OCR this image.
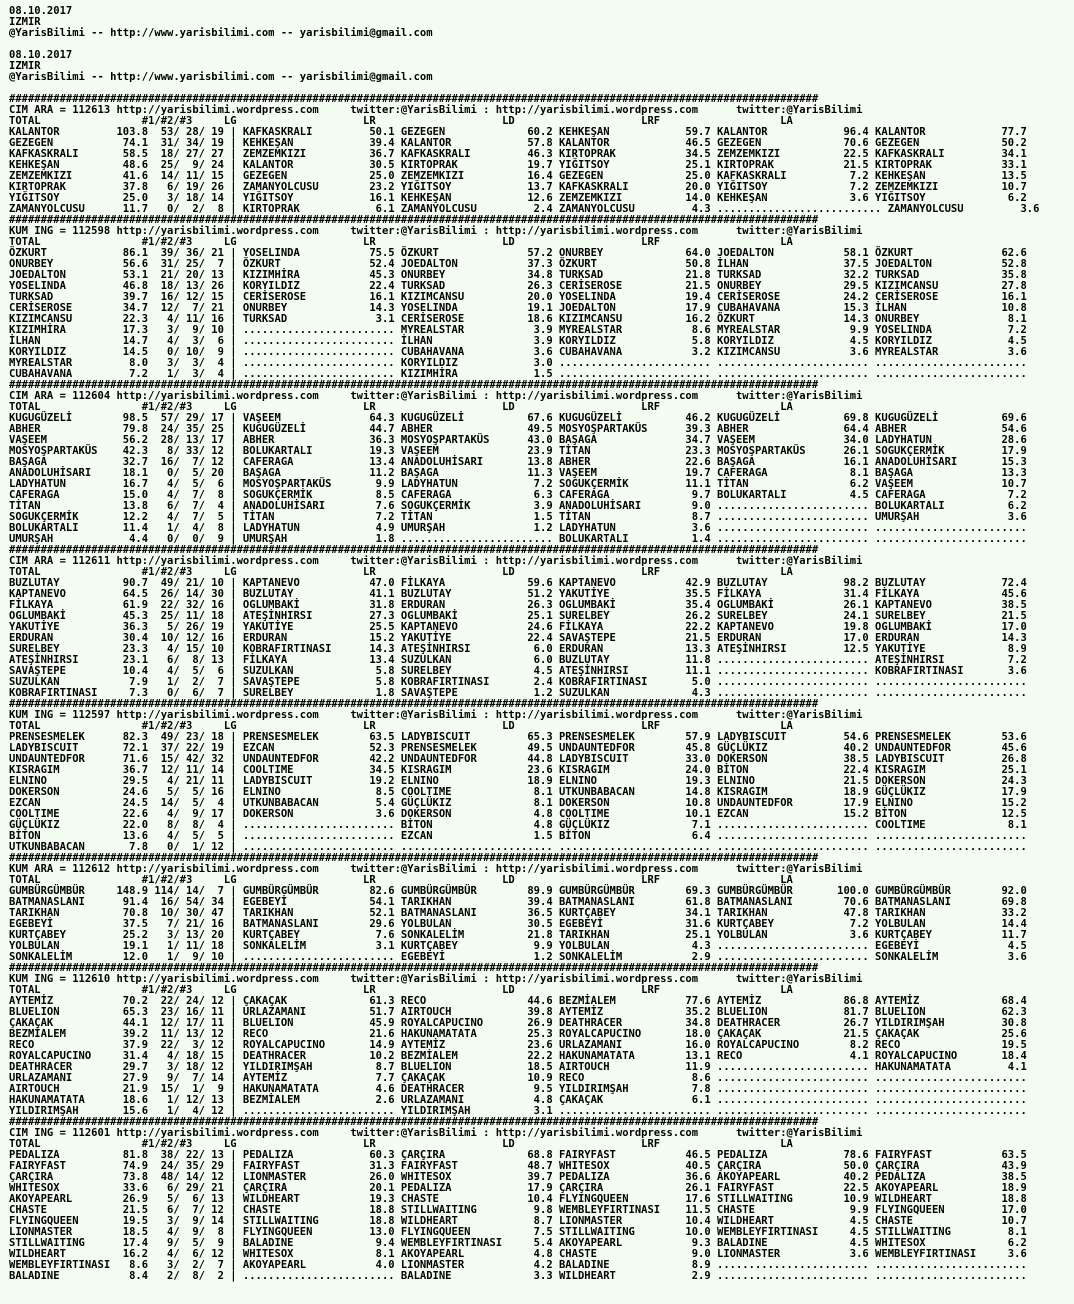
08.10.2017
IZMIR
@YarisBilimi -- http://www.yarisbilimi.com -- yarisbilimi@gmail.com
08.10.2017
IZMIR
@YarisBilimi -- http://www.yarisbilimi.com -- yarisbilimi@gmail.com
################################################################################################################################
CIM ARA = 112613 http://yarisbilimi.wordpress.com     twitter:@YarisBilimi : http://yarisbilimi.wordpress.com      twitter:@YarisBilimi
TOTAL                #1/#2/#3     LG                    LR                    LD                    LRF                   LA
KALANTOR         103.8  53/ 28/ 19 | KAFKASKRALI         50.1 GEZEGEN             60.2 KEHKEŞAN            59.7 KALANTOR            96.4 KALANTOR            77.7
GEZEGEN           74.1  31/ 34/ 19 | KEHKEŞAN            39.4 KALANTOR            57.8 KALANTOR            46.5 GEZEGEN             70.6 GEZEGEN             50.2
KAFKASKRALI       58.5  18/ 27/ 27 | ZEMZEMKIZI          36.7 KAFKASKRALI         46.3 KIRTOPRAK           34.5 ZEMZEMKIZI          22.5 KAFKASKRALI         34.1
KEHKEŞAN          48.6  25/  9/ 24 | KALANTOR            30.5 KIRTOPRAK           19.7 YIĞITSOY            25.1 KIRTOPRAK           21.5 KIRTOPRAK           33.1
ZEMZEMKIZI        41.6  14/ 11/ 15 | GEZEGEN             25.0 ZEMZEMKIZI          16.4 GEZEGEN             25.0 KAFKASKRALI          7.2 KEHKEŞAN            13.5
KIRTOPRAK         37.8   6/ 19/ 26 | ZAMANYOLCUSU        23.2 YIĞITSOY            13.7 KAFKASKRALI         20.0 YIĞITSOY             7.2 ZEMZEMKIZI          10.7
YIĞITSOY          25.0   3/ 18/ 14 | YIĞITSOY            16.1 KEHKEŞAN            12.6 ZEMZEMKIZI          14.0 KEHKEŞAN             3.6 YIĞITSOY             6.2
ZAMANYOLCUSU      11.7   0/  2/  8 | KIRTOPRAK            6.1 ZAMANYOLCUSU         2.4 ZAMANYOLCUSU         4.3 .......................... ZAMANYOLCUSU         3.6
################################################################################################################################
KUM ING = 112598 http://yarisbilimi.wordpress.com     twitter:@YarisBilimi : http://yarisbilimi.wordpress.com      twitter:@YarisBilimi
TOTAL                #1/#2/#3     LG                    LR                    LD                    LRF                   LA
ÖZKURT            86.1  39/ 36/ 21 | YOSELINDA           75.5 ÖZKURT              57.2 ONURBEY             64.0 JOEDALTON           58.1 ÖZKURT              62.6
ONURBEY           56.6  31/ 25/  7 | ÖZKURT              52.4 JOEDALTON           37.3 ÖZKURT              50.8 İLHAN               37.5 JOEDALTON           52.8
JOEDALTON         53.1  21/ 20/ 13 | KIZIMHİRA           45.3 ONURBEY             34.8 TURKSAD             21.8 TURKSAD             32.2 TURKSAD             35.8
YOSELINDA         46.8  18/ 13/ 26 | KORYILDIZ           22.4 TURKSAD             26.3 CERİSEROSE          21.5 ONURBEY             29.5 KIZIMCANSU          27.8
TURKSAD           39.7  16/ 12/ 15 | CERİSEROSE          16.1 KIZIMCANSU          20.0 YOSELINDA           19.4 CERİSEROSE          24.2 CERİSEROSE          16.1
CERİSEROSE        34.7  12/  7/ 21 | ONURBEY             14.3 YOSELINDA           19.1 JOEDALTON           17.9 CUBAHAVANA          15.3 İLHAN               10.8
KIZIMCANSU        22.3   4/ 11/ 16 | TURKSAD              3.1 CERİSEROSE          18.6 KIZIMCANSU          16.2 ÖZKURT              14.3 ONURBEY              8.1
KIZIMHİRA         17.3   3/  9/ 10 | ........................ MYREALSTAR           3.9 MYREALSTAR           8.6 MYREALSTAR           9.9 YOSELINDA            7.2
İLHAN             14.7   4/  3/  6 | ........................ İLHAN                3.9 KORYILDIZ            5.8 KORYILDIZ            4.5 KORYILDIZ            4.5
KORYILDIZ         14.5   0/ 10/  9 | ........................ CUBAHAVANA           3.6 CUBAHAVANA           3.2 KIZIMCANSU           3.6 MYREALSTAR           3.6
MYREALSTAR         8.0   3/  3/  4 | ........................ KORYILDIZ            3.0 ........................ ........................ ........................
CUBAHAVANA         7.2   1/  3/  4 | ........................ KIZIMHİRA            1.5 ........................ ........................ ........................
################################################################################################################################
CIM ARA = 112604 http://yarisbilimi.wordpress.com     twitter:@YarisBilimi : http://yarisbilimi.wordpress.com      twitter:@YarisBilimi
TOTAL                #1/#2/#3     LG                    LR                    LD                    LRF                   LA
KUGUGÜZELİ        98.5  57/ 29/ 17 | VAŞEEM              64.3 KUGUGÜZELİ          67.6 KUGUGÜZELİ          46.2 KUGUGÜZELİ          69.8 KUGUGÜZELİ          69.6
ABHER             79.8  24/ 35/ 25 | KUGUGÜZELİ          44.7 ABHER               49.5 MOSYOŞPARTAKÜS      39.3 ABHER               64.4 ABHER               54.6
VAŞEEM            56.2  28/ 13/ 17 | ABHER               36.3 MOSYOŞPARTAKÜS      43.0 BAŞAGA              34.7 VAŞEEM              34.0 LADYHATUN           28.6
MOSYOŞPARTAKÜS    42.3   8/ 33/ 12 | BOLUKARTALI         19.3 VAŞEEM              23.9 TİTAN               23.3 MOSYOŞPARTAKÜS      26.1 SOGUKÇERMİK         17.9
BAŞAGA            32.7  16/  7/ 12 | CAFERAGA            13.4 ANADOLUHİSARI       13.8 ABHER               22.6 BAŞAGA              16.1 ANADOLUHİSARI       15.3
ANADOLUHİSARI     18.1   0/  5/ 20 | BAŞAGA              11.2 BAŞAGA              11.3 VAŞEEM              19.7 CAFERAGA             8.1 BAŞAGA              13.3
LADYHATUN         16.7   4/  5/  6 | MOSYOŞPARTAKÜS       9.9 LADYHATUN            7.2 SOGUKÇERMİK         11.1 TİTAN                6.2 VAŞEEM              10.7
CAFERAGA          15.0   4/  7/  8 | SOGUKÇERMİK          8.5 CAFERAGA             6.3 CAFERAGA             9.7 BOLUKARTALI          4.5 CAFERAGA             7.2
TİTAN             13.8   6/  7/  4 | ANADOLUHİSARI        7.6 SOGUKÇERMİK          3.9 ANADOLUHİSARI        9.0 ........................ BOLUKARTALI          6.2
SOGUKÇERMİK       12.2   4/  7/  5 | TİTAN                7.2 TİTAN                1.5 TİTAN                8.7 ........................ UMURŞAH              3.6
BOLUKARTALI       11.4   1/  4/  8 | LADYHATUN            4.9 UMURŞAH              1.2 LADYHATUN            3.6 ........................ ........................
UMURŞAH            4.4   0/  0/  9 | UMURŞAH              1.8 ........................ BOLUKARTALI          1.4 ........................ ........................
################################################################################################################################
CIM ARA = 112611 http://yarisbilimi.wordpress.com     twitter:@YarisBilimi : http://yarisbilimi.wordpress.com      twitter:@YarisBilimi
TOTAL                #1/#2/#3     LG                    LR                    LD                    LRF                   LA
BUZLUTAY          90.7  49/ 21/ 10 | KAPTANEVO           47.0 FİLKAYA             59.6 KAPTANEVO           42.9 BUZLUTAY            98.2 BUZLUTAY            72.4
KAPTANEVO         64.5  26/ 14/ 30 | BUZLUTAY            41.1 BUZLUTAY            51.2 YAKUTİYE            35.5 FİLKAYA             31.4 FİLKAYA             45.6
FİLKAYA           61.9  22/ 32/ 16 | OGLUMBAKİ           31.8 ERDURAN             26.3 OGLUMBAKİ           35.4 OGLUMBAKİ           26.1 KAPTANEVO           38.5
OGLUMBAKİ         45.3  25/ 11/ 18 | ATEŞİNHIRSI         27.3 OGLUMBAKİ           25.1 SURELBEY            26.2 SURELBEY            24.1 SURELBEY            21.5
YAKUTİYE          36.3   5/ 26/ 19 | YAKUTİYE            25.5 KAPTANEVO           24.6 FİLKAYA             22.2 KAPTANEVO           19.8 OGLUMBAKİ           17.0
ERDURAN           30.4  10/ 12/ 16 | ERDURAN             15.2 YAKUTİYE            22.4 SAVAŞTEPE           21.5 ERDURAN             17.0 ERDURAN             14.3
SURELBEY          23.3   4/ 15/ 10 | KOBRAFIRTINASI      14.3 ATEŞİNHIRSI          6.0 ERDURAN             13.3 ATEŞİNHIRSI         12.5 YAKUTİYE             8.9
ATEŞİNHIRSI       23.1   6/  8/ 13 | FİLKAYA             13.4 SUZULKAN             6.0 BUZLUTAY            11.8 ........................ ATEŞİNHIRSI          7.2
SAVAŞTEPE         10.4   4/  5/  6 | SUZULKAN             5.8 SURELBEY             4.5 ATEŞİNHIRSI         11.1 ........................ KOBRAFIRTINASI       3.6
SUZULKAN           7.9   1/  2/  7 | SAVAŞTEPE            5.8 KOBRAFIRTINASI       2.4 KOBRAFIRTINASI       5.0 ........................ ........................
KOBRAFIRTINASI     7.3   0/  6/  7 | SURELBEY             1.8 SAVAŞTEPE            1.2 SUZULKAN             4.3 ........................ ........................
################################################################################################################################
KUM ING = 112597 http://yarisbilimi.wordpress.com     twitter:@YarisBilimi : http://yarisbilimi.wordpress.com      twitter:@YarisBilimi
TOTAL                #1/#2/#3     LG                    LR                    LD                    LRF                   LA
PRENSESMELEK      82.3  49/ 23/ 18 | PRENSESMELEK        63.5 LADYBISCUIT         65.3 PRENSESMELEK        57.9 LADYBISCUIT         54.6 PRENSESMELEK        53.6
LADYBISCUIT       72.1  37/ 22/ 19 | EZCAN               52.3 PRENSESMELEK        49.5 UNDAUNTEDFOR        45.8 GÜÇLÜKIZ            40.2 UNDAUNTEDFOR        45.6
UNDAUNTEDFOR      71.6  15/ 42/ 32 | UNDAUNTEDFOR        42.2 UNDAUNTEDFOR        44.8 LADYBISCUIT         33.0 DOKERSON            38.5 LADYBISCUIT         26.8
KISRAGIM          36.7  12/ 11/ 14 | COOLTIME            34.5 KISRAGIM            23.6 KISRAGIM            24.0 BİTON               22.4 KISRAGIM            25.1
ELNINO            29.5   4/ 21/ 11 | LADYBISCUIT         19.2 ELNINO              18.9 ELNINO              19.3 ELNINO              21.5 DOKERSON            24.3
DOKERSON          24.6   5/  5/ 16 | ELNINO               8.5 COOLTIME             8.1 UTKUNBABACAN        14.8 KISRAGIM            18.9 GÜÇLÜKIZ            17.9
EZCAN             24.5  14/  5/  4 | UTKUNBABACAN         5.4 GÜÇLÜKIZ             8.1 DOKERSON            10.8 UNDAUNTEDFOR        17.9 ELNINO              15.2
COOLTIME          22.6   4/  9/ 17 | DOKERSON             3.6 DOKERSON             4.8 COOLTIME            10.1 EZCAN               15.2 BİTON               12.5
GÜÇLÜKIZ          22.0   8/  8/  4 | ........................ BİTON                4.8 GÜÇLÜKIZ             7.1 ........................ COOLTIME             8.1
BİTON             13.6   4/  5/  5 | ........................ EZCAN                1.5 BİTON                6.4 ........................ ........................
UTKUNBABACAN       7.8   0/  1/ 12 | ........................ ........................ ........................ ........................ ........................
################################################################################################################################
KUM ARA = 112612 http://yarisbilimi.wordpress.com     twitter:@YarisBilimi : http://yarisbilimi.wordpress.com      twitter:@YarisBilimi
TOTAL                #1/#2/#3     LG                    LR                    LD                    LRF                   LA
GUMBÜRGÜMBÜR     148.9 114/ 14/  7 | GUMBÜRGÜMBÜR        82.6 GUMBÜRGÜMBÜR        89.9 GUMBÜRGÜMBÜR        69.3 GUMBÜRGÜMBÜR       100.0 GUMBÜRGÜMBÜR        92.0
BATMANASLANI      91.4  16/ 54/ 34 | EGEBEYİ             54.1 TARIKHAN            39.4 BATMANASLANI        61.8 BATMANASLANI        70.6 BATMANASLANI        69.8
TARIKHAN          70.8  10/ 30/ 47 | TARIKHAN            52.1 BATMANASLANI        36.5 KURTÇABEY           34.1 TARIKHAN            47.8 TARIKHAN            33.2
EGEBEYİ           37.5   7/ 21/ 16 | BATMANASLANI        29.6 YOLBULAN            30.5 EGEBEYİ             31.6 KURTÇABEY            7.2 YOLBULAN            14.4
KURTÇABEY         25.2   3/ 13/ 20 | KURTÇABEY            7.6 SONKALELİM          21.8 TARIKHAN            25.1 YOLBULAN             3.6 KURTÇABEY           11.7
YOLBULAN          19.1   1/ 11/ 18 | SONKALELİM           3.1 KURTÇABEY            9.9 YOLBULAN             4.3 ........................ EGEBEYİ              4.5
SONKALELİM        12.0   1/  9/ 10 | ........................ EGEBEYİ              1.2 SONKALELİM           2.9 ........................ SONKALELİM           3.6
################################################################################################################################
KUM ING = 112610 http://yarisbilimi.wordpress.com     twitter:@YarisBilimi : http://yarisbilimi.wordpress.com      twitter:@YarisBilimi
TOTAL                #1/#2/#3     LG                    LR                    LD                    LRF                   LA
AYTEMİZ           70.2  22/ 24/ 12 | ÇAKAÇAK             61.3 RECO                44.6 BEZMİALEM           77.6 AYTEMİZ             86.8 AYTEMİZ             68.4
BLUELION          65.3  23/ 16/ 11 | URLAZAMANI          51.7 AIRTOUCH            39.8 AYTEMİZ             35.2 BLUELION            81.7 BLUELION            62.3
ÇAKAÇAK           44.1  12/ 17/ 11 | BLUELION            45.9 ROYALCAPUCINO       26.9 DEATHRACER          34.8 DEATHRACER          26.7 YILDIRIMŞAH         30.8
BEZMİALEM         39.2  11/ 13/ 12 | RECO                21.6 HAKUNAMATATA        25.3 ROYALCAPUCINO       18.0 ÇAKAÇAK             21.5 ÇAKAÇAK             25.6
RECO              37.9  22/  3/ 12 | ROYALCAPUCINO       14.9 AYTEMİZ             23.6 URLAZAMANI          16.0 ROYALCAPUCINO        8.2 RECO                19.5
ROYALCAPUCINO     31.4   4/ 18/ 15 | DEATHRACER          10.2 BEZMİALEM           22.2 HAKUNAMATATA        13.1 RECO                 4.1 ROYALCAPUCINO       18.4
DEATHRACER        29.7   3/ 18/ 12 | YILDIRIMŞAH          8.7 BLUELION            18.5 AIRTOUCH            11.9 ........................ HAKUNAMATATA         4.1
URLAZAMANI        27.9   9/  7/ 14 | AYTEMİZ              7.7 ÇAKAÇAK             10.9 RECO                 8.6 ........................ ........................
AIRTOUCH          21.9  15/  1/  9 | HAKUNAMATATA         4.6 DEATHRACER           9.5 YILDIRIMŞAH          7.8 ........................ ........................
HAKUNAMATATA      18.6   1/ 12/ 13 | BEZMİALEM            2.6 URLAZAMANI           4.8 ÇAKAÇAK              6.1 ........................ ........................
YILDIRIMŞAH       15.6   1/  4/ 12 | ........................ YILDIRIMŞAH          3.1 ........................ ........................ ........................
################################################################################################################################
CIM ING = 112601 http://yarisbilimi.wordpress.com     twitter:@YarisBilimi : http://yarisbilimi.wordpress.com      twitter:@YarisBilimi
TOTAL                #1/#2/#3     LG                    LR                    LD                    LRF                   LA
PEDALIZA          81.8  38/ 22/ 13 | PEDALIZA            60.3 ÇARÇIRA             68.8 FAIRYFAST           46.5 PEDALIZA            78.6 FAIRYFAST           63.5
FAIRYFAST         74.9  24/ 35/ 29 | FAIRYFAST           31.3 FAIRYFAST           48.7 WHITESOX            40.5 ÇARÇIRA             50.0 ÇARÇIRA             43.9
ÇARÇIRA           73.8  48/ 14/ 12 | LIONMASTER          26.0 WHITESOX            39.7 PEDALIZA            36.6 AKOYAPEARL          40.2 PEDALIZA            38.5
WHITESOX          33.6   6/ 29/ 21 | ÇARÇIRA             20.1 PEDALIZA            17.9 ÇARÇIRA             26.1 FAIRYFAST           22.5 AKOYAPEARL          18.9
AKOYAPEARL        26.9   5/  6/ 13 | WILDHEART           19.3 CHASTE              10.4 FLYINGQUEEN         17.6 STILLWAITING        10.9 WILDHEART           18.8
CHASTE            21.5   6/  7/ 12 | CHASTE              18.8 STILLWAITING         9.8 WEMBLEYFIRTINASI    11.5 CHASTE               9.9 FLYINGQUEEN         17.0
FLYINGQUEEN       19.5   3/  9/ 14 | STILLWAITING        18.8 WILDHEART            8.7 LIONMASTER          10.4 WILDHEART            4.5 CHASTE              10.7
LIONMASTER        18.5   4/  9/  8 | FLYINGQUEEN         13.0 FLYINGQUEEN          7.5 STILLWAITING        10.0 WEMBLEYFIRTINASI     4.5 STILLWAITING         8.1
STILLWAITING      17.4   9/  5/  9 | BALADINE             9.4 WEMBLEYFIRTINASI     5.4 AKOYAPEARL           9.3 BALADINE             4.5 WHITESOX             6.2
WILDHEART         16.2   4/  6/ 12 | WHITESOX             8.1 AKOYAPEARL           4.8 CHASTE               9.0 LIONMASTER           3.6 WEMBLEYFIRTINASI     3.6
WEMBLEYFIRTINASI   8.6   3/  2/  7 | AKOYAPEARL           4.0 LIONMASTER           4.2 BALADINE             8.9 ........................ ........................
BALADINE           8.4   2/  8/  2 | ........................ BALADINE             3.3 WILDHEART            2.9 ........................ ........................
